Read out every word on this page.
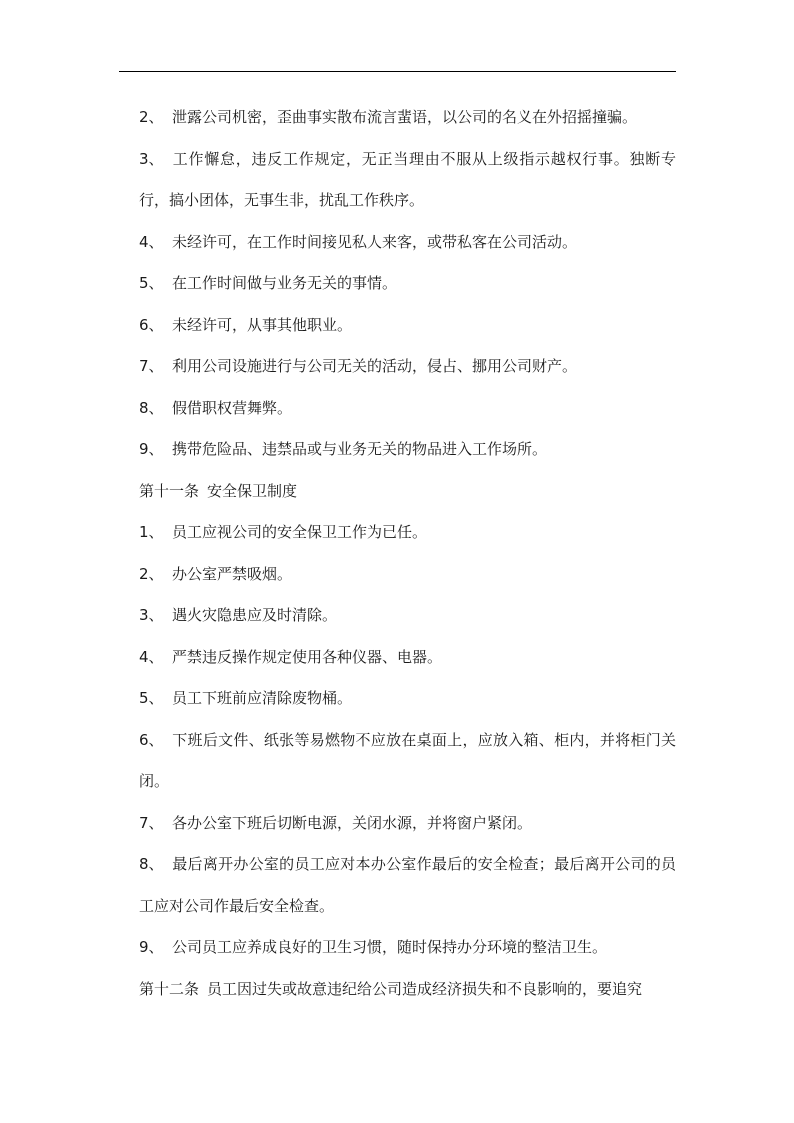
2、 泄露公司机密，歪曲事实散布流言蜚语，以公司的名义在外招摇撞骗。

3、 工作懈怠，违反工作规定，无正当理由不服从上级指示越权行事。独断专行，搞小团体，无事生非，扰乱工作秩序。

4、 未经许可，在工作时间接见私人来客，或带私客在公司活动。

5、 在工作时间做与业务无关的事情。

6、 未经许可，从事其他职业。

7、 利用公司设施进行与公司无关的活动，侵占、挪用公司财产。

8、 假借职权营舞弊。

9、 携带危险品、违禁品或与业务无关的物品进入工作场所。

第十一条 安全保卫制度

1、 员工应视公司的安全保卫工作为已任。

2、 办公室严禁吸烟。

3、 遇火灾隐患应及时清除。

4、 严禁违反操作规定使用各种仪器、电器。

5、 员工下班前应清除废物桶。

6、 下班后文件、纸张等易燃物不应放在桌面上，应放入箱、柜内，并将柜门关闭。

7、 各办公室下班后切断电源，关闭水源，并将窗户紧闭。

8、 最后离开办公室的员工应对本办公室作最后的安全检查；最后离开公司的员工应对公司作最后安全检查。

9、 公司员工应养成良好的卫生习惯，随时保持办分环境的整洁卫生。

第十二条 员工因过失或故意违纪给公司造成经济损失和不良影响的，要追究
